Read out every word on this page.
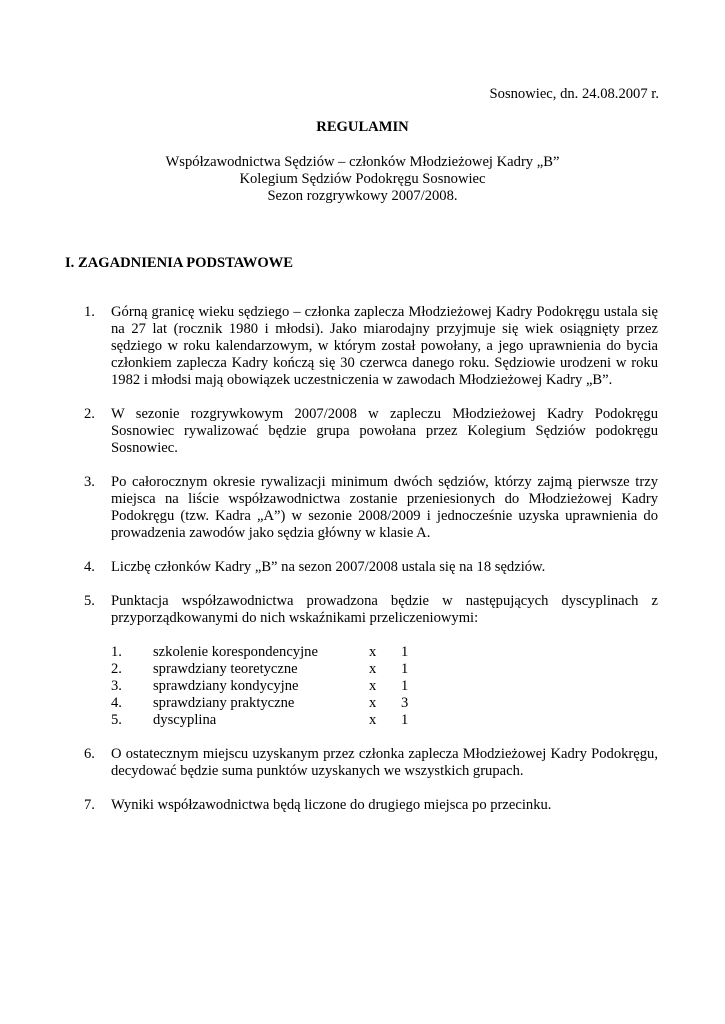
Sosnowiec, dn. 24.08.2007 r.
REGULAMIN
Współzawodnictwa Sędziów – członków Młodzieżowej Kadry „B”
Kolegium Sędziów Podokręgu Sosnowiec
Sezon rozgrywkowy 2007/2008.
I. ZAGADNIENIA PODSTAWOWE
1.	Górną granicę wieku sędziego – członka zaplecza Młodzieżowej Kadry Podokręgu ustala się na 27 lat (rocznik 1980 i młodsi). Jako miarodajny przyjmuje się wiek osiągnięty przez sędziego w roku kalendarzowym, w którym został powołany, a jego uprawnienia do bycia członkiem zaplecza Kadry kończą się 30 czerwca danego roku. Sędziowie urodzeni w roku 1982 i młodsi mają obowiązek uczestniczenia w zawodach Młodzieżowej Kadry „B”.
2.	W sezonie rozgrywkowym 2007/2008 w zapleczu Młodzieżowej Kadry Podokręgu Sosnowiec rywalizować będzie grupa powołana przez Kolegium Sędziów podokręgu Sosnowiec.
3.	Po całorocznym okresie rywalizacji minimum dwóch sędziów, którzy zajmą pierwsze trzy miejsca na liście współzawodnictwa zostanie przeniesionych do Młodzieżowej Kadry Podokręgu (tzw. Kadra „A”) w sezonie 2008/2009 i jednocześnie uzyska uprawnienia do prowadzenia zawodów jako sędzia główny w klasie A.
4.	Liczbę członków Kadry „B” na sezon 2007/2008 ustala się na 18 sędziów.
5.	Punktacja współzawodnictwa prowadzona będzie w następujących dyscyplinach z przyporządkowanymi do nich wskaźnikami przeliczeniowymi:
1.	szkolenie korespondencyjne	x	1
2.	sprawdziany teoretyczne	x	1
3.	sprawdziany kondycyjne	x	1
4.	sprawdziany praktyczne	x	3
5.	dyscyplina	x	1
6.	O ostatecznym miejscu uzyskanym przez członka zaplecza Młodzieżowej Kadry Podokręgu, decydować będzie suma punktów uzyskanych we wszystkich grupach.
7.	Wyniki współzawodnictwa będą liczone do drugiego miejsca po przecinku.
